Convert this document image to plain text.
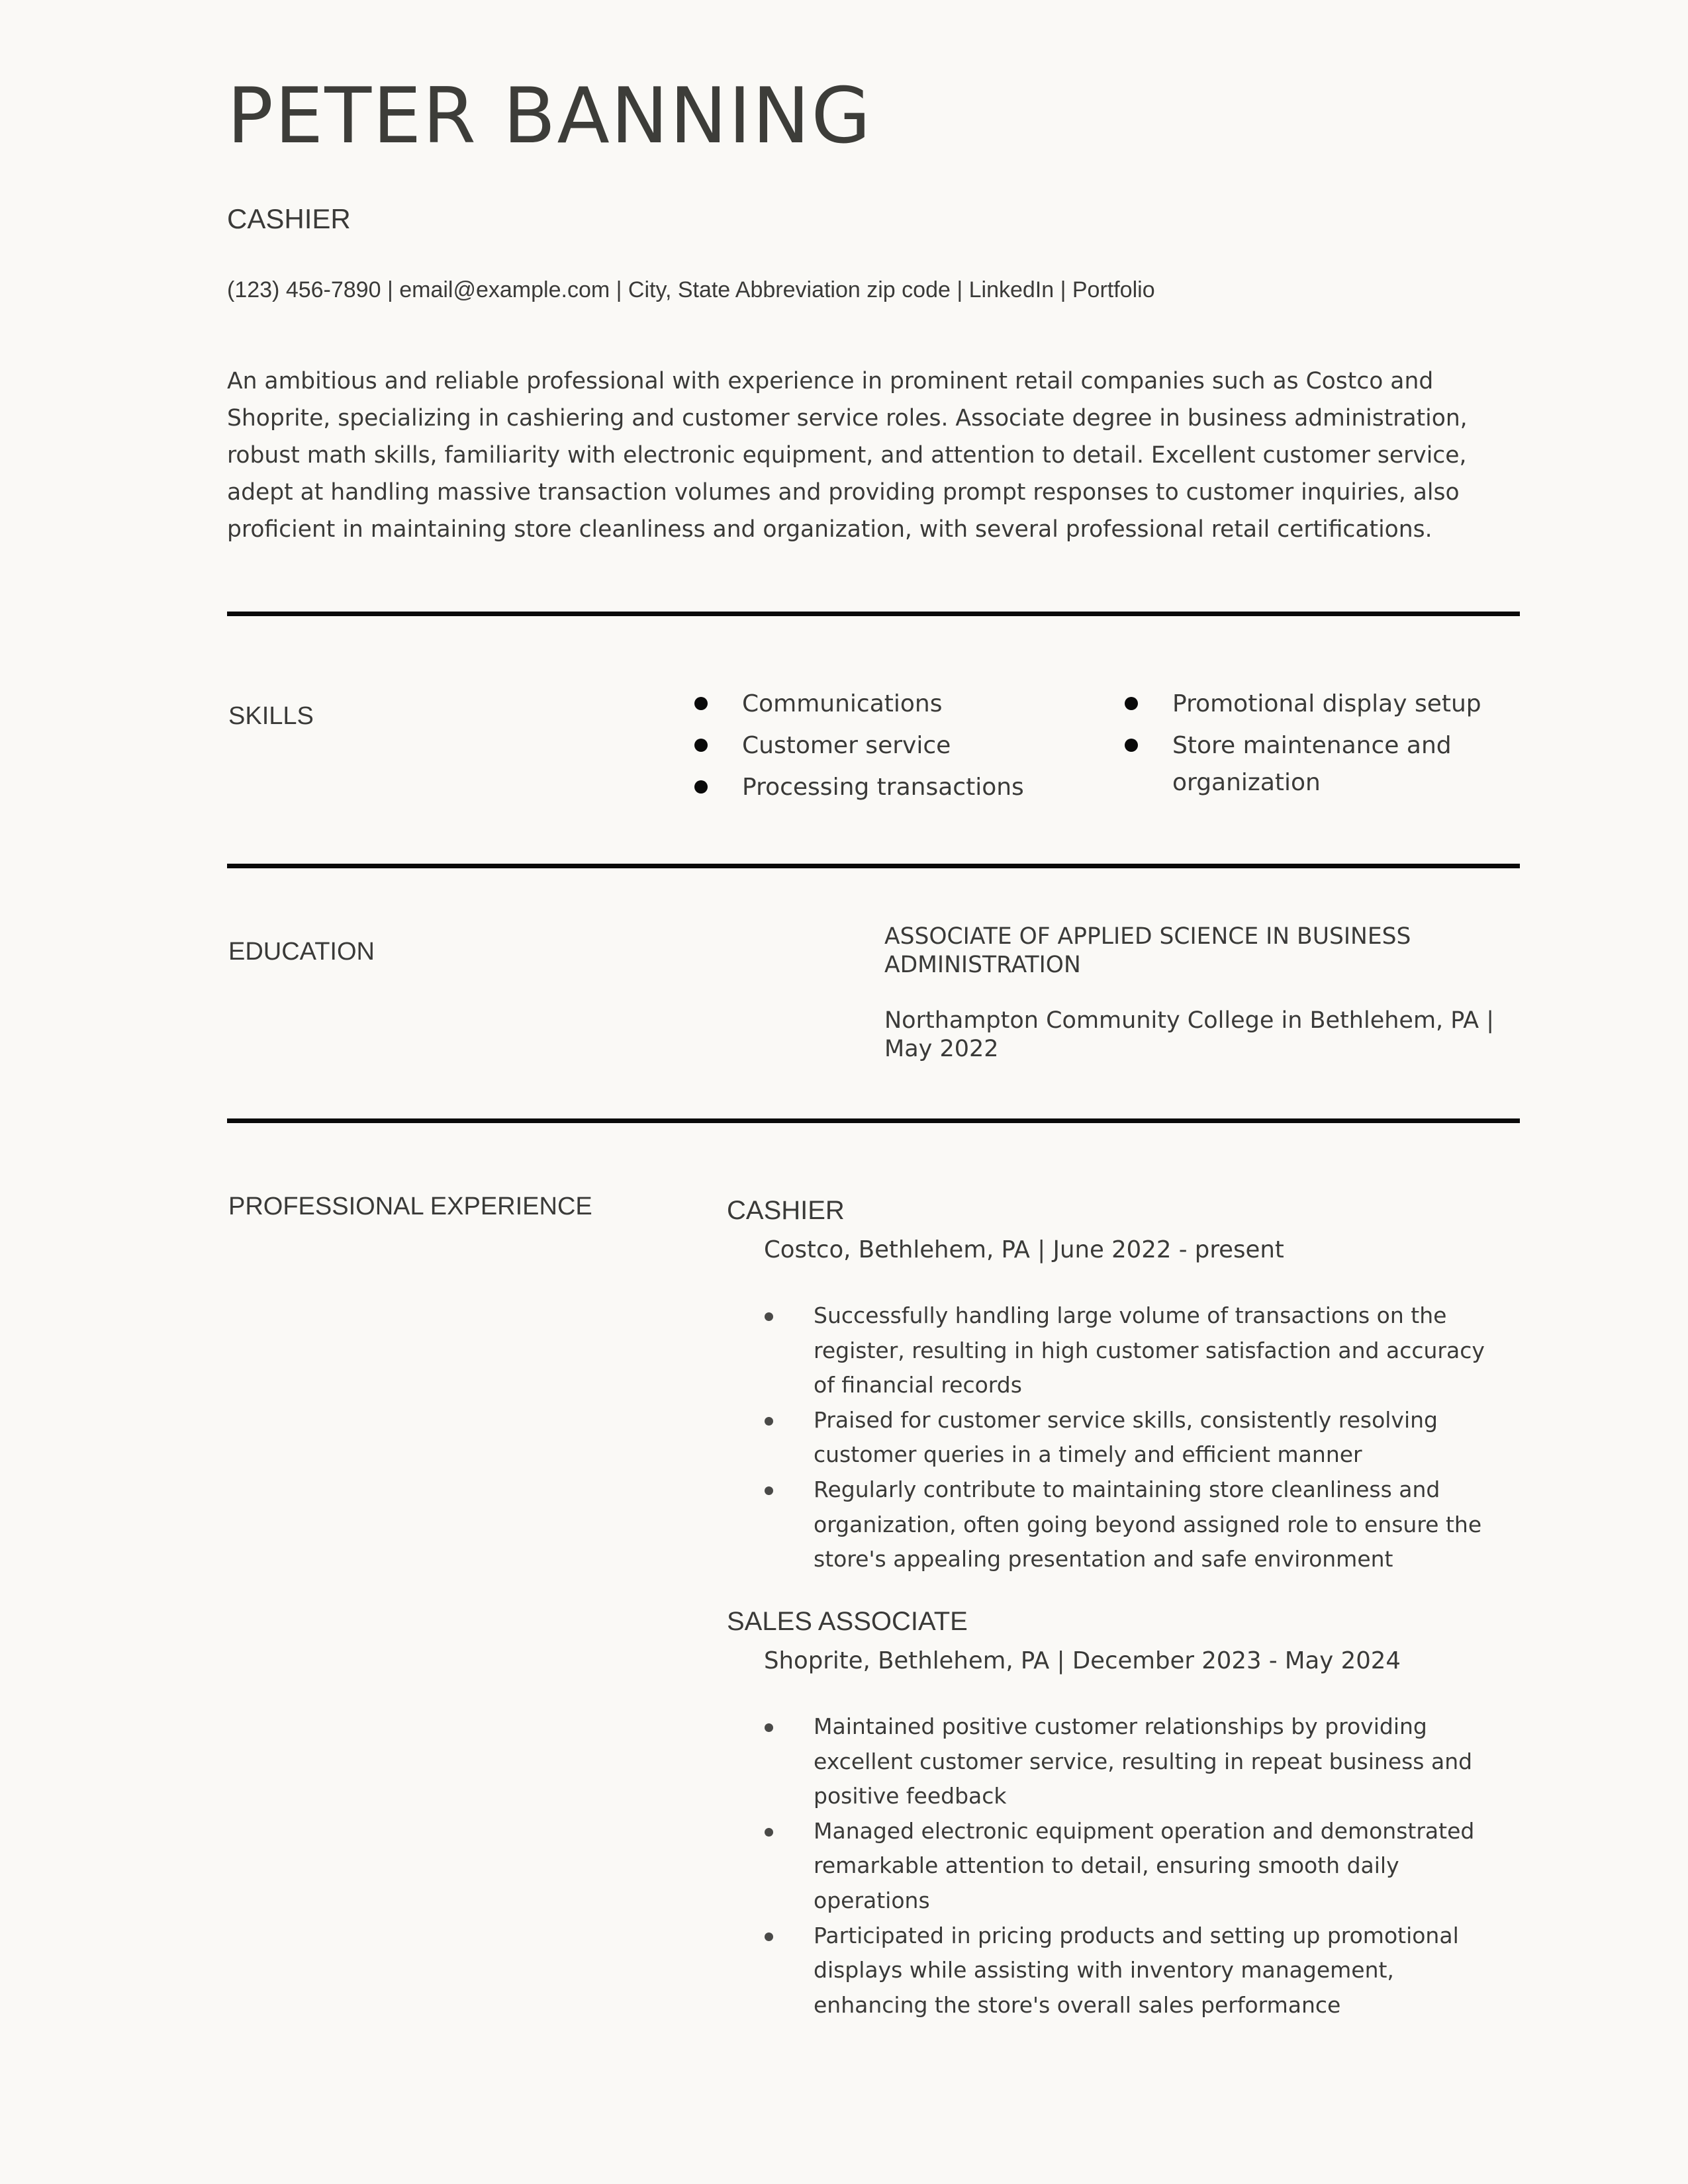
PETER BANNING
CASHIER
(123) 456-7890 | email@example.com | City, State Abbreviation zip code | LinkedIn | Portfolio

An ambitious and reliable professional with experience in prominent retail companies such as Costco and Shoprite, specializing in cashiering and customer service roles. Associate degree in business administration, robust math skills, familiarity with electronic equipment, and attention to detail. Excellent customer service, adept at handling massive transaction volumes and providing prompt responses to customer inquiries, also proficient in maintaining store cleanliness and organization, with several professional retail certifications.

SKILLS	Communications
Customer service
Processing transactions
Promotional display setup
Store maintenance and organization
EDUCATION
ASSOCIATE OF APPLIED SCIENCE IN BUSINESS ADMINISTRATION
Northampton Community College in Bethlehem, PA | May 2022
PROFESSIONAL EXPERIENCE	CASHIER
Costco, Bethlehem, PA | June 2022 - present
Successfully handling large volume of transactions on the register, resulting in high customer satisfaction and accuracy of financial records
Praised for customer service skills, consistently resolving customer queries in a timely and efficient manner
Regularly contribute to maintaining store cleanliness and organization, often going beyond assigned role to ensure the store's appealing presentation and safe environment
SALES ASSOCIATE
Shoprite, Bethlehem, PA | December 2023 - May 2024
Maintained positive customer relationships by providing excellent customer service, resulting in repeat business and positive feedback
Managed electronic equipment operation and demonstrated remarkable attention to detail, ensuring smooth daily operations
Participated in pricing products and setting up promotional displays while assisting with inventory management, enhancing the store's overall sales performance
